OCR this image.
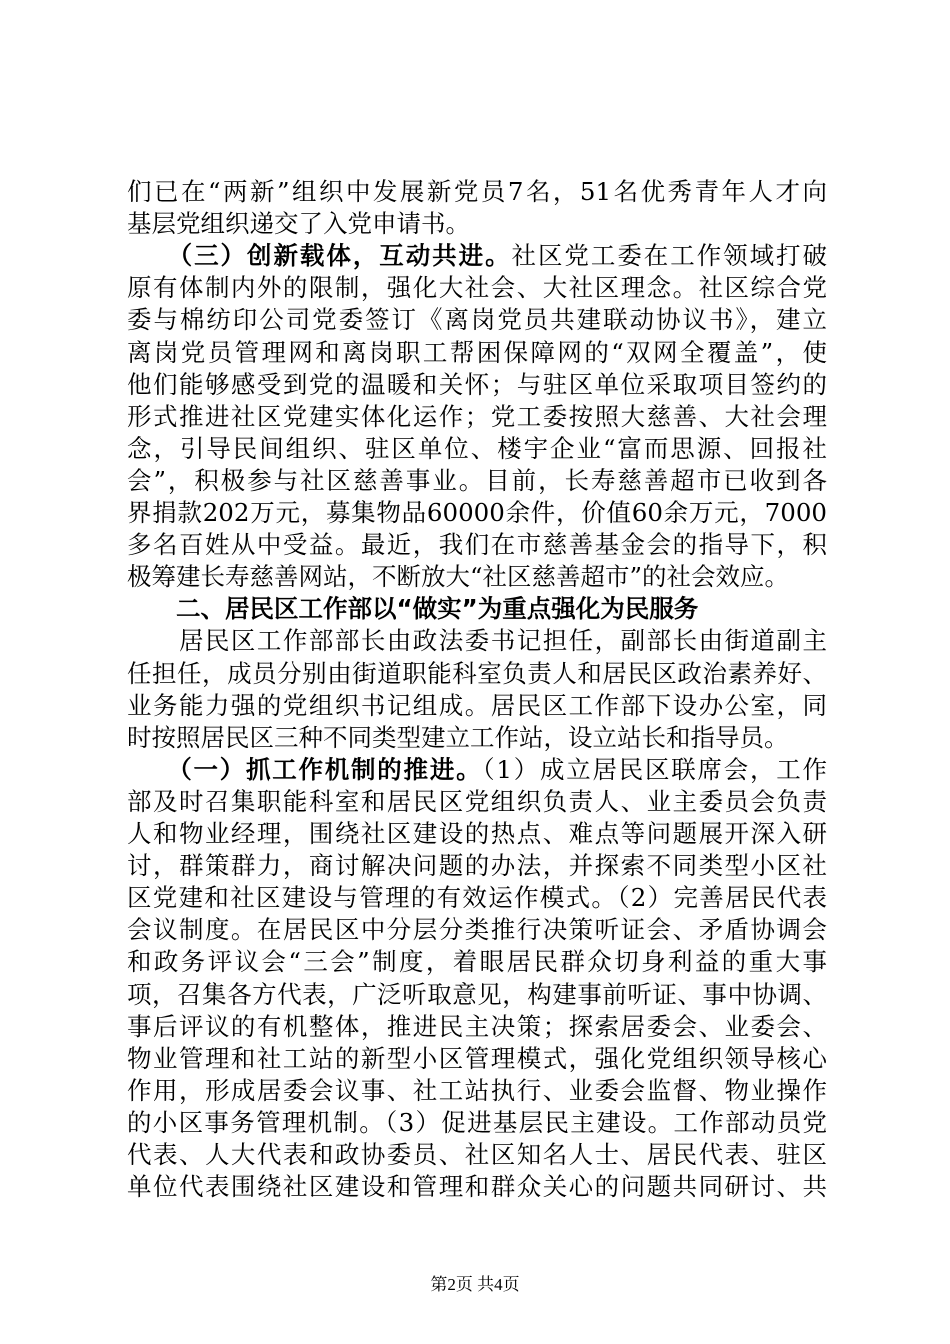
们已在“两新”组织中发展新党员7名，51名优秀青年人才向
基层党组织递交了入党申请书。
　　（三）创新载体，互动共进。社区党工委在工作领域打破
原有体制内外的限制，强化大社会、大社区理念。社区综合党
委与棉纺印公司党委签订《离岗党员共建联动协议书》，建立
离岗党员管理网和离岗职工帮困保障网的“双网全覆盖”，使
他们能够感受到党的温暖和关怀；与驻区单位采取项目签约的
形式推进社区党建实体化运作；党工委按照大慈善、大社会理
念，引导民间组织、驻区单位、楼宇企业“富而思源、回报社
会”，积极参与社区慈善事业。目前，长寿慈善超市已收到各
界捐款202万元，募集物品60000余件，价值60余万元，7000
多名百姓从中受益。最近，我们在市慈善基金会的指导下，积
极筹建长寿慈善网站，不断放大“社区慈善超市”的社会效应。
　　二、居民区工作部以“做实”为重点强化为民服务
　　居民区工作部部长由政法委书记担任，副部长由街道副主
任担任，成员分别由街道职能科室负责人和居民区政治素养好、
业务能力强的党组织书记组成。居民区工作部下设办公室，同
时按照居民区三种不同类型建立工作站，设立站长和指导员。
　　（一）抓工作机制的推进。（1）成立居民区联席会，工作
部及时召集职能科室和居民区党组织负责人、业主委员会负责
人和物业经理，围绕社区建设的热点、难点等问题展开深入研
讨，群策群力，商讨解决问题的办法，并探索不同类型小区社
区党建和社区建设与管理的有效运作模式。（2）完善居民代表
会议制度。在居民区中分层分类推行决策听证会、矛盾协调会
和政务评议会“三会”制度，着眼居民群众切身利益的重大事
项，召集各方代表，广泛听取意见，构建事前听证、事中协调、
事后评议的有机整体，推进民主决策；探索居委会、业委会、
物业管理和社工站的新型小区管理模式，强化党组织领导核心
作用，形成居委会议事、社工站执行、业委会监督、物业操作
的小区事务管理机制。（3）促进基层民主建设。工作部动员党
代表、人大代表和政协委员、社区知名人士、居民代表、驻区
单位代表围绕社区建设和管理和群众关心的问题共同研讨、共
第2页 共4页
